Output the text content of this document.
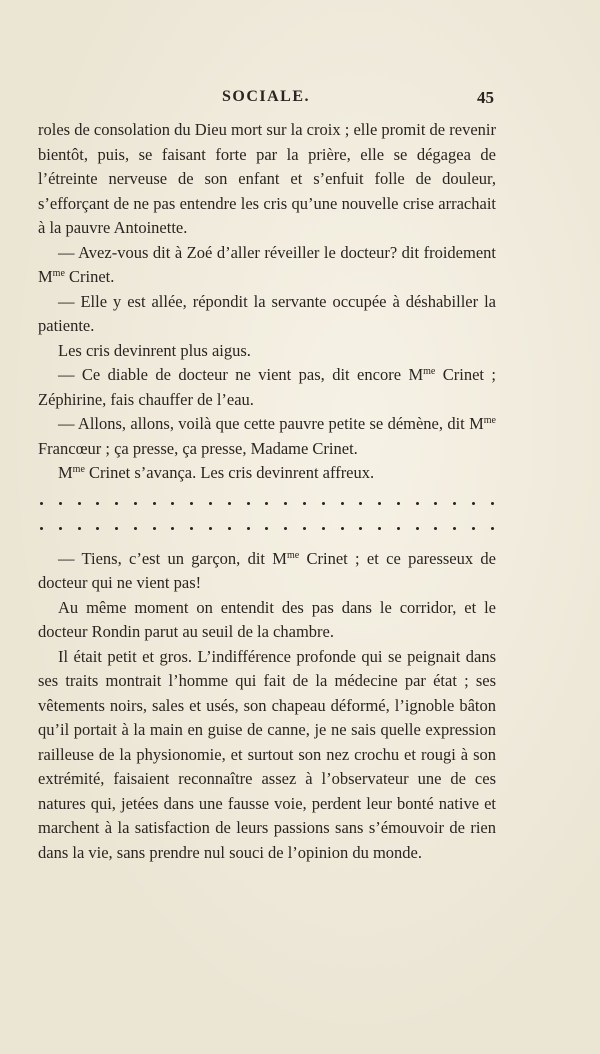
SOCIALE.	45

roles de consolation du Dieu mort sur la croix ; elle promit de revenir bientôt, puis, se faisant forte par la prière, elle se dégagea de l’étreinte nerveuse de son enfant et s’enfuit folle de douleur, s’efforçant de ne pas entendre les cris qu’une nouvelle crise arrachait à la pauvre Antoinette.

— Avez-vous dit à Zoé d’aller réveiller le docteur? dit froidement $M^{me}$ Crinet.

— Elle y est allée, répondit la servante occupée à déshabiller la patiente.

Les cris devinrent plus aigus.

— Ce diable de docteur ne vient pas, dit encore $M^{me}$ Crinet ; Zéphirine, fais chauffer de l’eau.

— Allons, allons, voilà que cette pauvre petite se démène, dit $M^{me}$ Francœur ; ça presse, ça presse, Madame Crinet.

$M^{me}$ Crinet s’avança. Les cris devinrent affreux.

— Tiens, c’est un garçon, dit $M^{me}$ Crinet ; et ce paresseux de docteur qui ne vient pas!

Au même moment on entendit des pas dans le corridor, et le docteur Rondin parut au seuil de la chambre.

Il était petit et gros. L’indifférence profonde qui se peignait dans ses traits montrait l’homme qui fait de la médecine par état ; ses vêtements noirs, sales et usés, son chapeau déformé, l’ignoble bâton qu’il portait à la main en guise de canne, je ne sais quelle expression railleuse de la physionomie, et surtout son nez crochu et rougi à son extrémité, faisaient reconnaître assez à l’observateur une de ces natures qui, jetées dans une fausse voie, perdent leur bonté native et marchent à la satisfaction de leurs passions sans s’émouvoir de rien dans la vie, sans prendre nul souci de l’opinion du monde.
